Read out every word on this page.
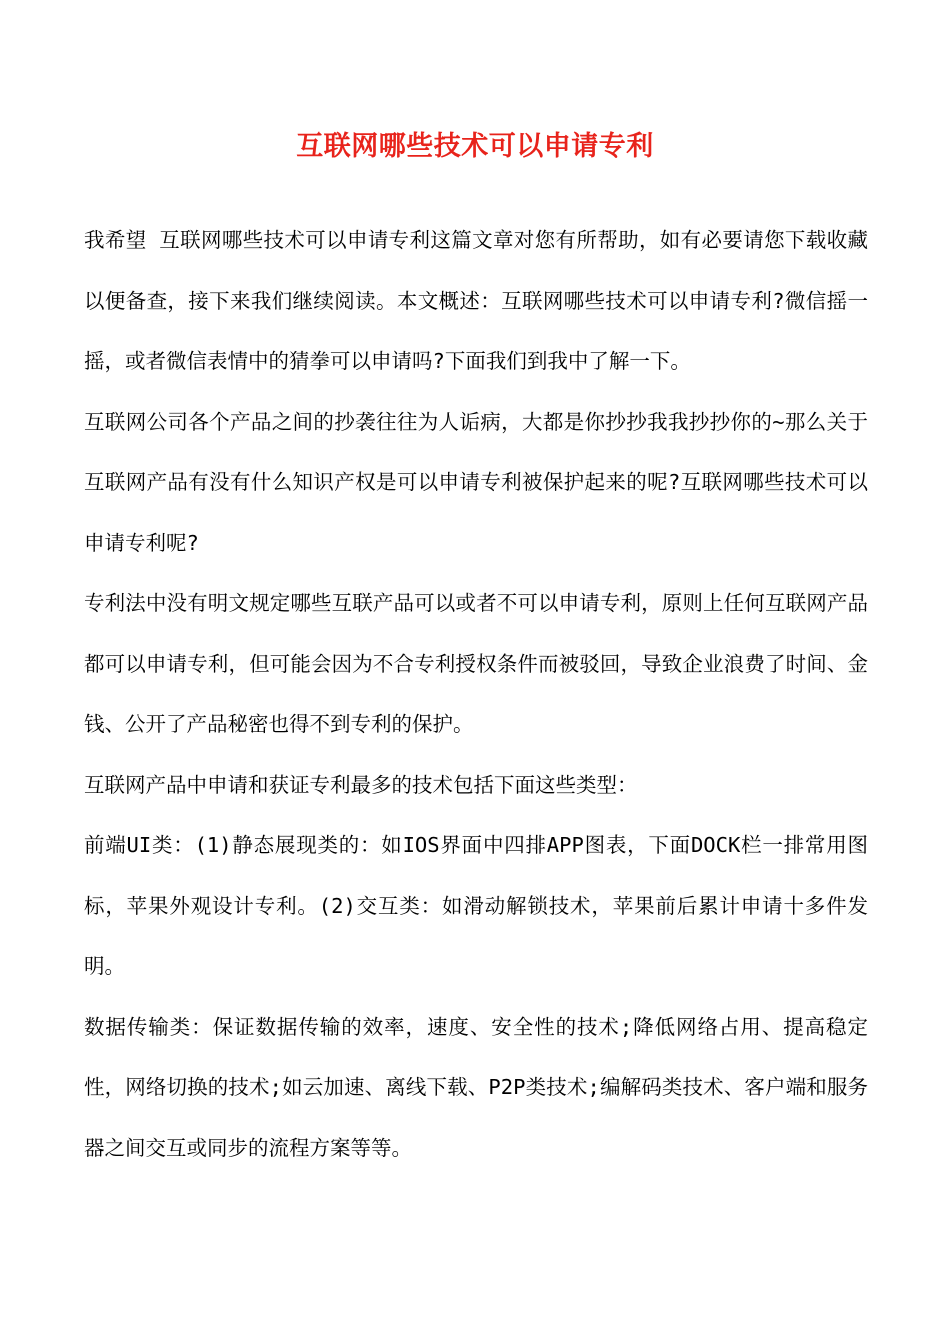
互联网哪些技术可以申请专利

我希望 互联网哪些技术可以申请专利这篇文章对您有所帮助，如有必要请您下载收藏以便备查，接下来我们继续阅读。本文概述：互联网哪些技术可以申请专利?微信摇一摇，或者微信表情中的猜拳可以申请吗?下面我们到我中了解一下。

互联网公司各个产品之间的抄袭往往为人诟病，大都是你抄抄我我抄抄你的~那么关于互联网产品有没有什么知识产权是可以申请专利被保护起来的呢?互联网哪些技术可以申请专利呢?

专利法中没有明文规定哪些互联产品可以或者不可以申请专利，原则上任何互联网产品都可以申请专利，但可能会因为不合专利授权条件而被驳回，导致企业浪费了时间、金钱、公开了产品秘密也得不到专利的保护。

互联网产品中申请和获证专利最多的技术包括下面这些类型：

前端UI类：(1)静态展现类的：如IOS界面中四排APP图表，下面DOCK栏一排常用图标，苹果外观设计专利。(2)交互类：如滑动解锁技术，苹果前后累计申请十多件发明。

数据传输类：保证数据传输的效率，速度、安全性的技术;降低网络占用、提高稳定性，网络切换的技术;如云加速、离线下载、P2P类技术;编解码类技术、客户端和服务器之间交互或同步的流程方案等等。
